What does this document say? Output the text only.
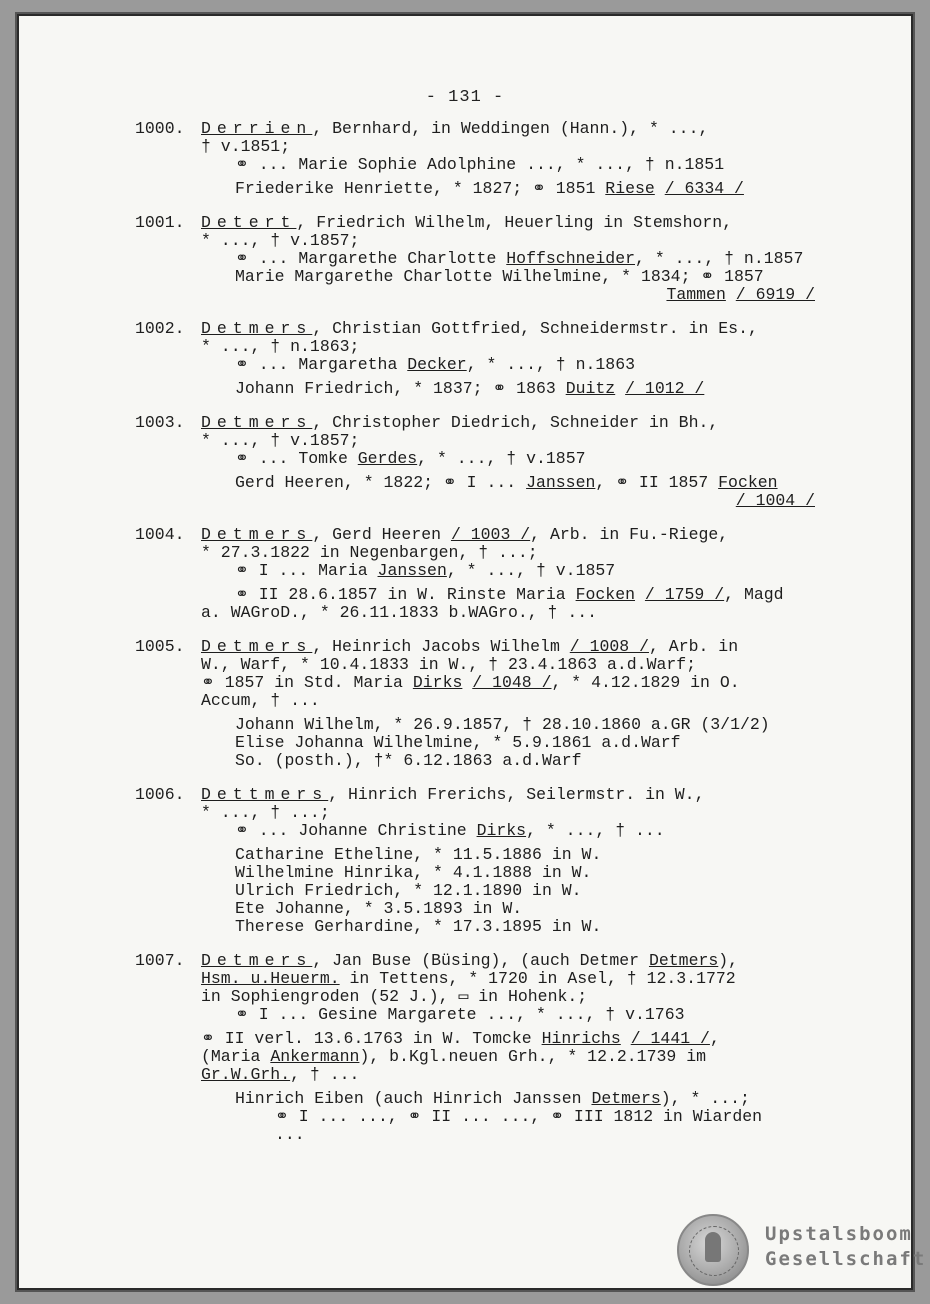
- 131 -
1000. Derrien, Bernhard, in Weddingen (Hann.), * ...,
† v.1851;
⚭ ... Marie Sophie Adolphine ..., * ..., † n.1851
Friederike Henriette, * 1827; ⚭ 1851 Riese / 6334 /
1001. Detert, Friedrich Wilhelm, Heuerling in Stemshorn,
* ..., † v.1857;
⚭ ... Margarethe Charlotte Hoffschneider, * ..., † n.1857
Marie Margarethe Charlotte Wilhelmine, * 1834; ⚭ 1857
Tammen / 6919 /
1002. Detmers, Christian Gottfried, Schneidermstr. in Es.,
* ..., † n.1863;
⚭ ... Margaretha Decker, * ..., † n.1863
Johann Friedrich, * 1837; ⚭ 1863 Duitz / 1012 /
1003. Detmers, Christopher Diedrich, Schneider in Bh.,
* ..., † v.1857;
⚭ ... Tomke Gerdes, * ..., † v.1857
Gerd Heeren, * 1822; ⚭ I ... Janssen, ⚭ II 1857 Focken
/ 1004 /
1004. Detmers, Gerd Heeren / 1003 /, Arb. in Fu.-Riege,
* 27.3.1822 in Negenbargen, † ...;
⚭ I ... Maria Janssen, * ..., † v.1857
⚭ II 28.6.1857 in W. Rinste Maria Focken / 1759 /, Magd
a. WAGroD., * 26.11.1833 b.WAGro., † ...
1005. Detmers, Heinrich Jacobs Wilhelm / 1008 /, Arb. in
W., Warf, * 10.4.1833 in W., † 23.4.1863 a.d.Warf;
⚭ 1857 in Std. Maria Dirks / 1048 /, * 4.12.1829 in O.
Accum, † ...
Johann Wilhelm, * 26.9.1857, † 28.10.1860 a.GR (3/1/2)
Elise Johanna Wilhelmine, * 5.9.1861 a.d.Warf
So. (posth.), †* 6.12.1863 a.d.Warf
1006. Dettmers, Hinrich Frerichs, Seilermstr. in W.,
* ..., † ...;
⚭ ... Johanne Christine Dirks, * ..., † ...
Catharine Etheline, * 11.5.1886 in W.
Wilhelmine Hinrika, * 4.1.1888 in W.
Ulrich Friedrich, * 12.1.1890 in W.
Ete Johanne, * 3.5.1893 in W.
Therese Gerhardine, * 17.3.1895 in W.
1007. Detmers, Jan Buse (Büsing), (auch Detmer Detmers),
Hsm. u.Heuerm. in Tettens, * 1720 in Asel, † 12.3.1772
in Sophiengroden (52 J.), ▭ in Hohenk.;
⚭ I ... Gesine Margarete ..., * ..., † v.1763
⚭ II verl. 13.6.1763 in W. Tomcke Hinrichs / 1441 /,
(Maria Ankermann), b.Kgl.neuen Grh., * 12.2.1739 im
Gr.W.Grh., † ...
Hinrich Eiben (auch Hinrich Janssen Detmers), * ...;
⚭ I ... ..., ⚭ II ... ..., ⚭ III 1812 in Wiarden
...
Upstalsboom
Gesellschaft
